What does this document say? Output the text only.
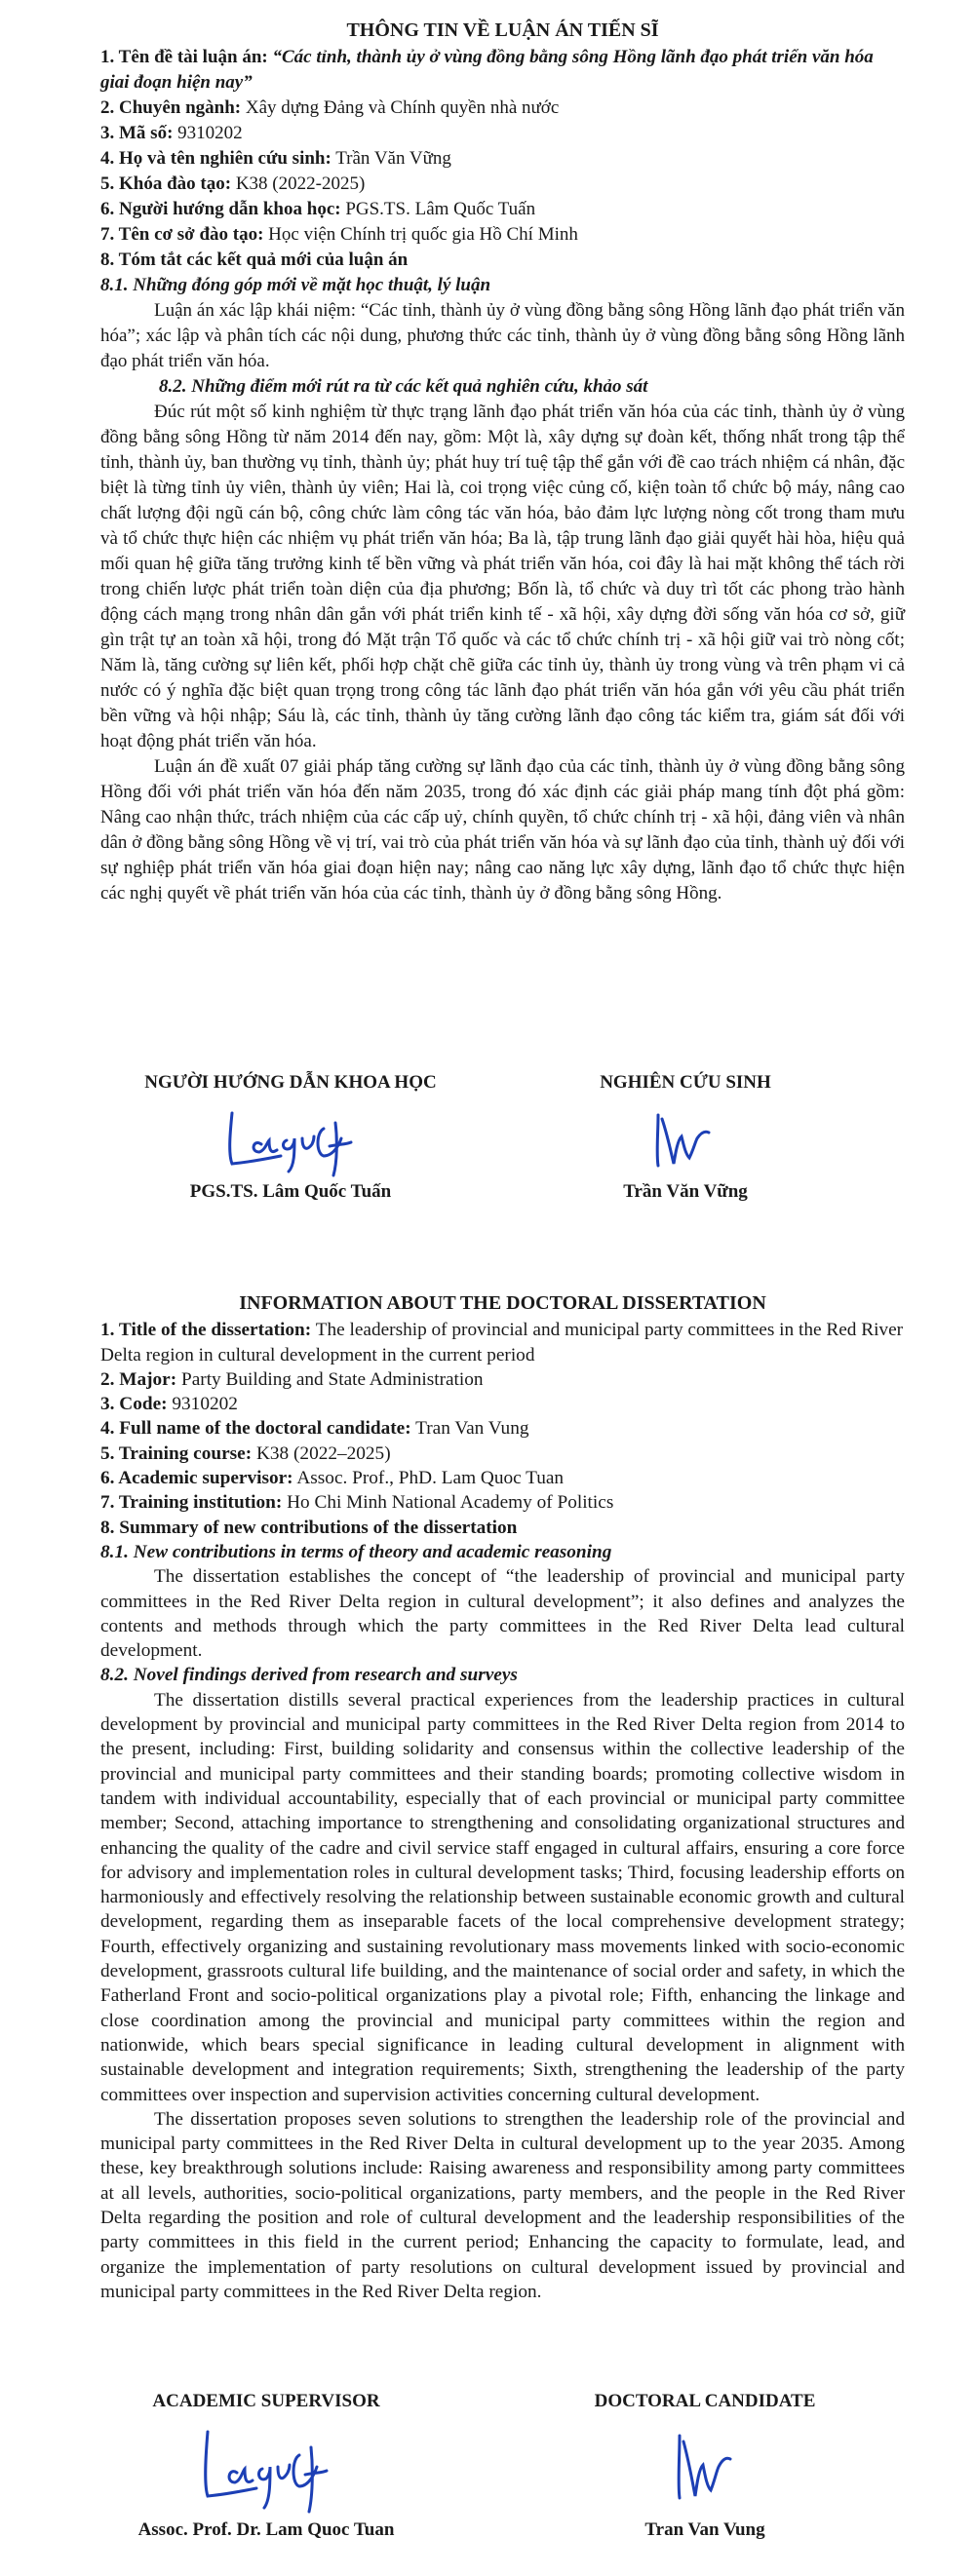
THÔNG TIN VỀ LUẬN ÁN TIẾN SĨ

1. Tên đề tài luận án: “Các tỉnh, thành ủy ở vùng đồng bằng sông Hồng lãnh đạo phát triển văn hóa giai đoạn hiện nay”

2. Chuyên ngành: Xây dựng Đảng và Chính quyền nhà nước

3. Mã số: 9310202

4. Họ và tên nghiên cứu sinh: Trần Văn Vững

5. Khóa đào tạo: K38 (2022-2025)

6. Người hướng dẫn khoa học: PGS.TS. Lâm Quốc Tuấn

7. Tên cơ sở đào tạo: Học viện Chính trị quốc gia Hồ Chí Minh

8. Tóm tắt các kết quả mới của luận án

8.1. Những đóng góp mới về mặt học thuật, lý luận

Luận án xác lập khái niệm: “Các tỉnh, thành ủy ở vùng đồng bằng sông Hồng lãnh đạo phát triển văn hóa”; xác lập và phân tích các nội dung, phương thức các tỉnh, thành ủy ở vùng đồng bằng sông Hồng lãnh đạo phát triển văn hóa.

8.2. Những điểm mới rút ra từ các kết quả nghiên cứu, khảo sát

Đúc rút một số kinh nghiệm từ thực trạng lãnh đạo phát triển văn hóa của các tỉnh, thành ủy ở vùng đồng bằng sông Hồng từ năm 2014 đến nay, gồm: Một là, xây dựng sự đoàn kết, thống nhất trong tập thể tỉnh, thành ủy, ban thường vụ tỉnh, thành ủy; phát huy trí tuệ tập thể gắn với đề cao trách nhiệm cá nhân, đặc biệt là từng tỉnh ủy viên, thành ủy viên; Hai là, coi trọng việc củng cố, kiện toàn tổ chức bộ máy, nâng cao chất lượng đội ngũ cán bộ, công chức làm công tác văn hóa, bảo đảm lực lượng nòng cốt trong tham mưu và tổ chức thực hiện các nhiệm vụ phát triển văn hóa; Ba là, tập trung lãnh đạo giải quyết hài hòa, hiệu quả mối quan hệ giữa tăng trưởng kinh tế bền vững và phát triển văn hóa, coi đây là hai mặt không thể tách rời trong chiến lược phát triển toàn diện của địa phương; Bốn là, tổ chức và duy trì tốt các phong trào hành động cách mạng trong nhân dân gắn với phát triển kinh tế - xã hội, xây dựng đời sống văn hóa cơ sở, giữ gìn trật tự an toàn xã hội, trong đó Mặt trận Tổ quốc và các tổ chức chính trị - xã hội giữ vai trò nòng cốt; Năm là, tăng cường sự liên kết, phối hợp chặt chẽ giữa các tỉnh ủy, thành ủy trong vùng và trên phạm vi cả nước có ý nghĩa đặc biệt quan trọng trong công tác lãnh đạo phát triển văn hóa gắn với yêu cầu phát triển bền vững và hội nhập; Sáu là, các tỉnh, thành ủy tăng cường lãnh đạo công tác kiểm tra, giám sát đối với hoạt động phát triển văn hóa.

Luận án đề xuất 07 giải pháp tăng cường sự lãnh đạo của các tỉnh, thành ủy ở vùng đồng bằng sông Hồng đối với phát triển văn hóa đến năm 2035, trong đó xác định các giải pháp mang tính đột phá gồm: Nâng cao nhận thức, trách nhiệm của các cấp uỷ, chính quyền, tổ chức chính trị - xã hội, đảng viên và nhân dân ở đồng bằng sông Hồng về vị trí, vai trò của phát triển văn hóa và sự lãnh đạo của tỉnh, thành uỷ đối với sự nghiệp phát triển văn hóa giai đoạn hiện nay; nâng cao năng lực xây dựng, lãnh đạo tổ chức thực hiện các nghị quyết về phát triển văn hóa của các tỉnh, thành ủy ở đồng bằng sông Hồng.

NGƯỜI HƯỚNG DẪN KHOA HỌC
PGS.TS. Lâm Quốc Tuấn
NGHIÊN CỨU SINH
Trần Văn Vững

INFORMATION ABOUT THE DOCTORAL DISSERTATION

1. Title of the dissertation: The leadership of provincial and municipal party committees in the Red River Delta region in cultural development in the current period

2. Major: Party Building and State Administration

3. Code: 9310202

4. Full name of the doctoral candidate: Tran Van Vung

5. Training course: K38 (2022–2025)

6. Academic supervisor: Assoc. Prof., PhD. Lam Quoc Tuan

7. Training institution: Ho Chi Minh National Academy of Politics

8. Summary of new contributions of the dissertation

8.1. New contributions in terms of theory and academic reasoning

The dissertation establishes the concept of “the leadership of provincial and municipal party committees in the Red River Delta region in cultural development”; it also defines and analyzes the contents and methods through which the party committees in the Red River Delta lead cultural development.

8.2. Novel findings derived from research and surveys

The dissertation distills several practical experiences from the leadership practices in cultural development by provincial and municipal party committees in the Red River Delta region from 2014 to the present, including: First, building solidarity and consensus within the collective leadership of the provincial and municipal party committees and their standing boards; promoting collective wisdom in tandem with individual accountability, especially that of each provincial or municipal party committee member; Second, attaching importance to strengthening and consolidating organizational structures and enhancing the quality of the cadre and civil service staff engaged in cultural affairs, ensuring a core force for advisory and implementation roles in cultural development tasks; Third, focusing leadership efforts on harmoniously and effectively resolving the relationship between sustainable economic growth and cultural development, regarding them as inseparable facets of the local comprehensive development strategy; Fourth, effectively organizing and sustaining revolutionary mass movements linked with socio-economic development, grassroots cultural life building, and the maintenance of social order and safety, in which the Fatherland Front and socio-political organizations play a pivotal role; Fifth, enhancing the linkage and close coordination among the provincial and municipal party committees within the region and nationwide, which bears special significance in leading cultural development in alignment with sustainable development and integration requirements; Sixth, strengthening the leadership of the party committees over inspection and supervision activities concerning cultural development.

The dissertation proposes seven solutions to strengthen the leadership role of the provincial and municipal party committees in the Red River Delta in cultural development up to the year 2035. Among these, key breakthrough solutions include: Raising awareness and responsibility among party committees at all levels, authorities, socio-political organizations, party members, and the people in the Red River Delta regarding the position and role of cultural development and the leadership responsibilities of the party committees in this field in the current period; Enhancing the capacity to formulate, lead, and organize the implementation of party resolutions on cultural development issued by provincial and municipal party committees in the Red River Delta region.

ACADEMIC SUPERVISOR
Assoc. Prof. Dr. Lam Quoc Tuan
DOCTORAL CANDIDATE
Tran Van Vung
